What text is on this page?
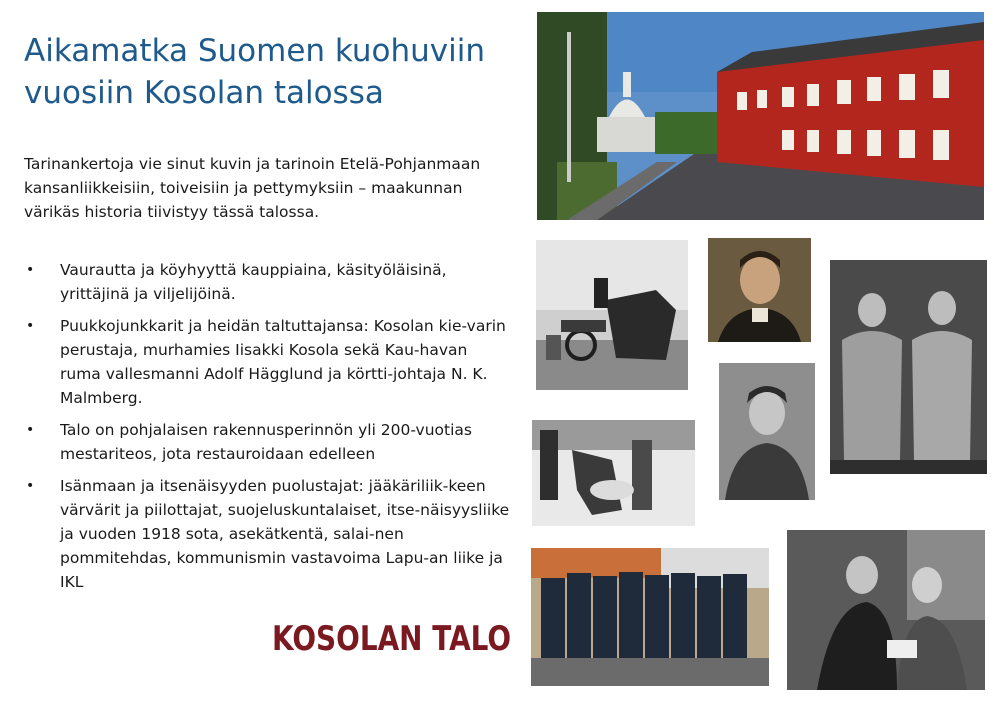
Aikamatka Suomen kuohuviin vuosiin Kosolan talossa

Tarinankertoja vie sinut kuvin ja tarinoin Etelä-Pohjanmaan kansanliikkeisiin, toiveisiin ja pettymyksiin – maakunnan värikäs historia tiivistyy tässä talossa.

• Vaurautta ja köyhyyttä kauppiaina, käsityöläisinä, yrittäjinä ja viljelijöinä.
• Puukkojunkkarit ja heidän taltuttajansa: Kosolan kie-varin perustaja, murhamies Iisakki Kosola sekä Kau-havan ruma vallesmanni Adolf Hägglund ja körtti-johtaja N. K. Malmberg.
• Talo on pohjalaisen rakennusperinnön yli 200-vuotias mestariteos, jota restauroidaan edelleen
• Isänmaan ja itsenäisyyden puolustajat: jääkäriliik-keen värvärit ja piilottajat, suojeluskuntalaiset, itse-näisyysliike ja vuoden 1918 sota, asekätkentä, salai-nen pommitehdas, kommunismin vastavoima Lapu-an liike ja IKL
KOSOLAN TALO
